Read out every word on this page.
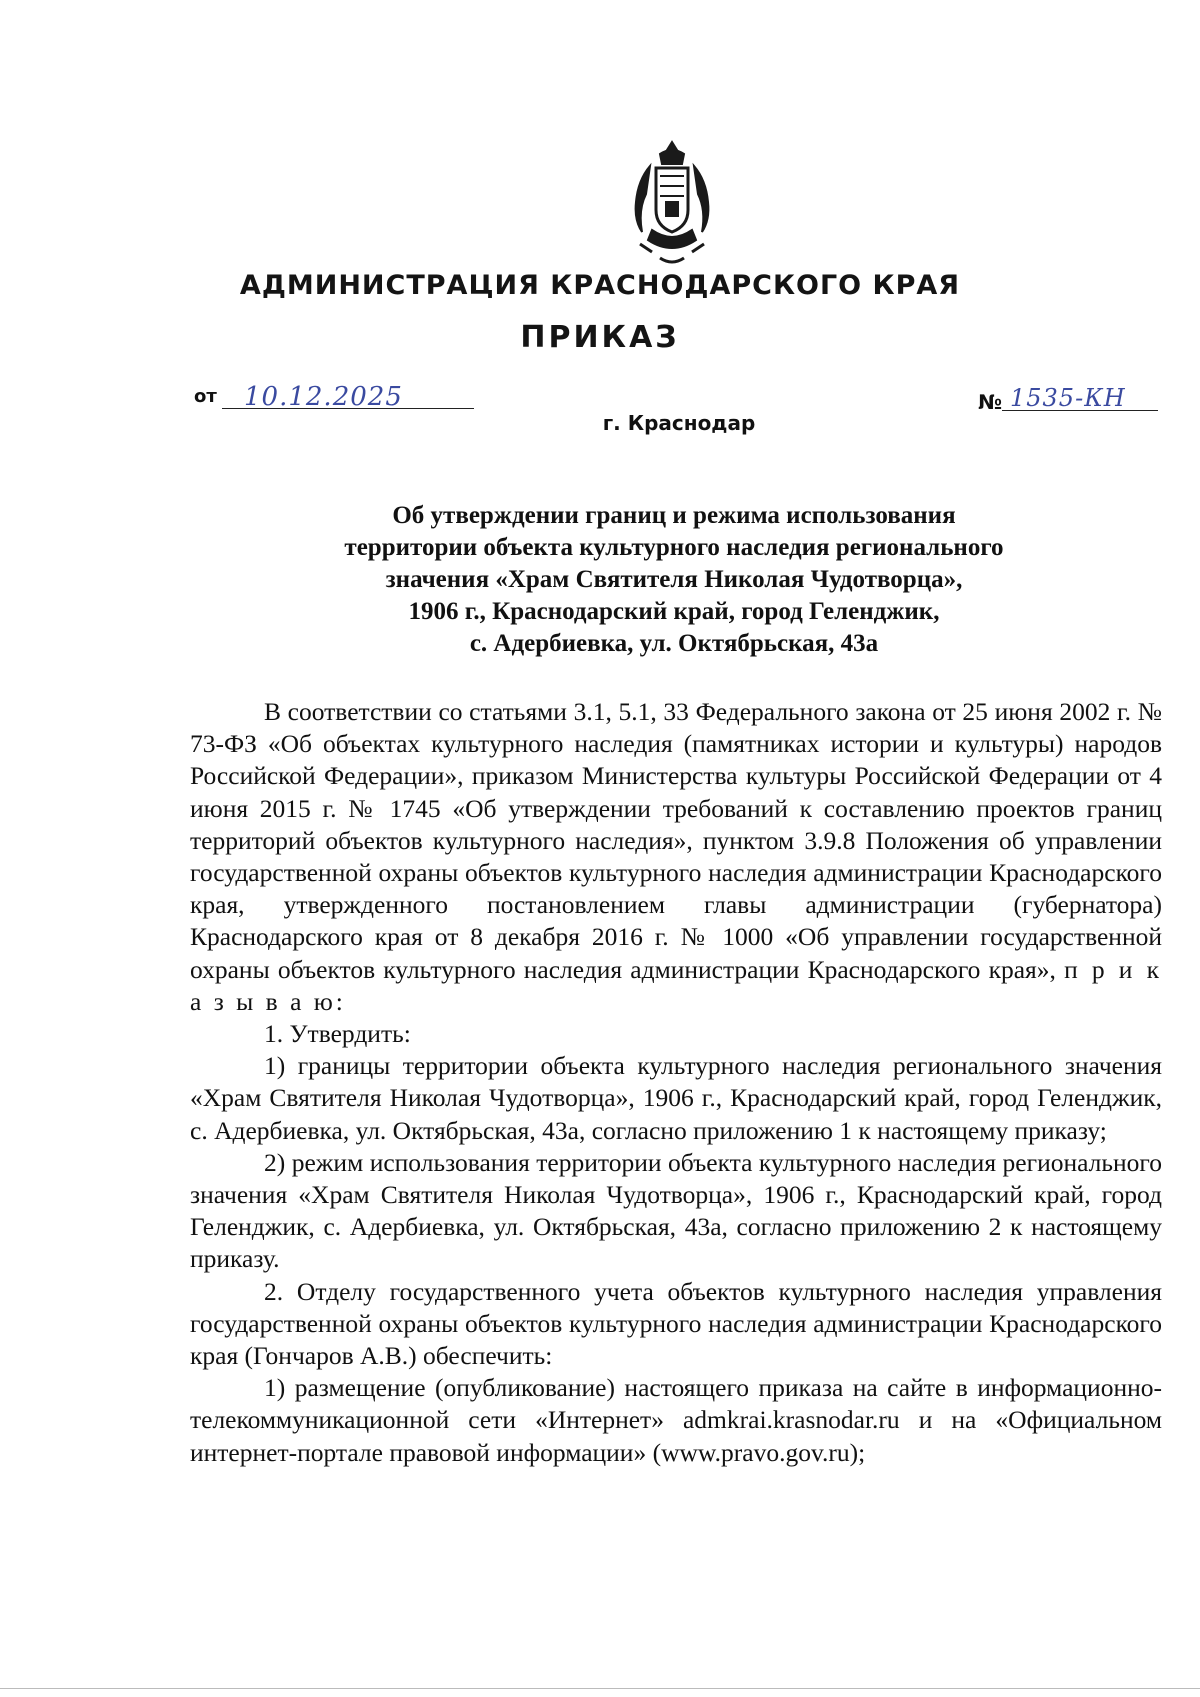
АДМИНИСТРАЦИЯ КРАСНОДАРСКОГО КРАЯ
ПРИКАЗ
от 10.12.2025	№ 1535-КН
г. Краснодар
Об утверждении границ и режима использования
территории объекта культурного наследия регионального
значения «Храм Святителя Николая Чудотворца»,
1906 г., Краснодарский край, город Геленджик,
с. Адербиевка, ул. Октябрьская, 43а

В соответствии со статьями 3.1, 5.1, 33 Федерального закона от 25 июня 2002 г. № 73-ФЗ «Об объектах культурного наследия (памятниках истории и культуры) народов Российской Федерации», приказом Министерства культуры Российской Федерации от 4 июня 2015 г. № 1745 «Об утверждении требований к составлению проектов границ территорий объектов культурного наследия», пунктом 3.9.8 Положения об управлении государственной охраны объектов культурного наследия администрации Краснодарского края, утвержденного постановлением главы администрации (губернатора) Краснодарского края от 8 декабря 2016 г. № 1000 «Об управлении государственной охраны объектов культурного наследия администрации Краснодарского края», п р и к а з ы в а ю:

1. Утвердить:

1) границы территории объекта культурного наследия регионального значения «Храм Святителя Николая Чудотворца», 1906 г., Краснодарский край, город Геленджик, с. Адербиевка, ул. Октябрьская, 43а, согласно приложению 1 к настоящему приказу;

2) режим использования территории объекта культурного наследия регионального значения «Храм Святителя Николая Чудотворца», 1906 г., Краснодарский край, город Геленджик, с. Адербиевка, ул. Октябрьская, 43а, согласно приложению 2 к настоящему приказу.

2. Отделу государственного учета объектов культурного наследия управления государственной охраны объектов культурного наследия администрации Краснодарского края (Гончаров А.В.) обеспечить:

1) размещение (опубликование) настоящего приказа на сайте в информационно-телекоммуникационной сети «Интернет» admkrai.krasnodar.ru и на «Официальном интернет-портале правовой информации» (www.pravo.gov.ru);
